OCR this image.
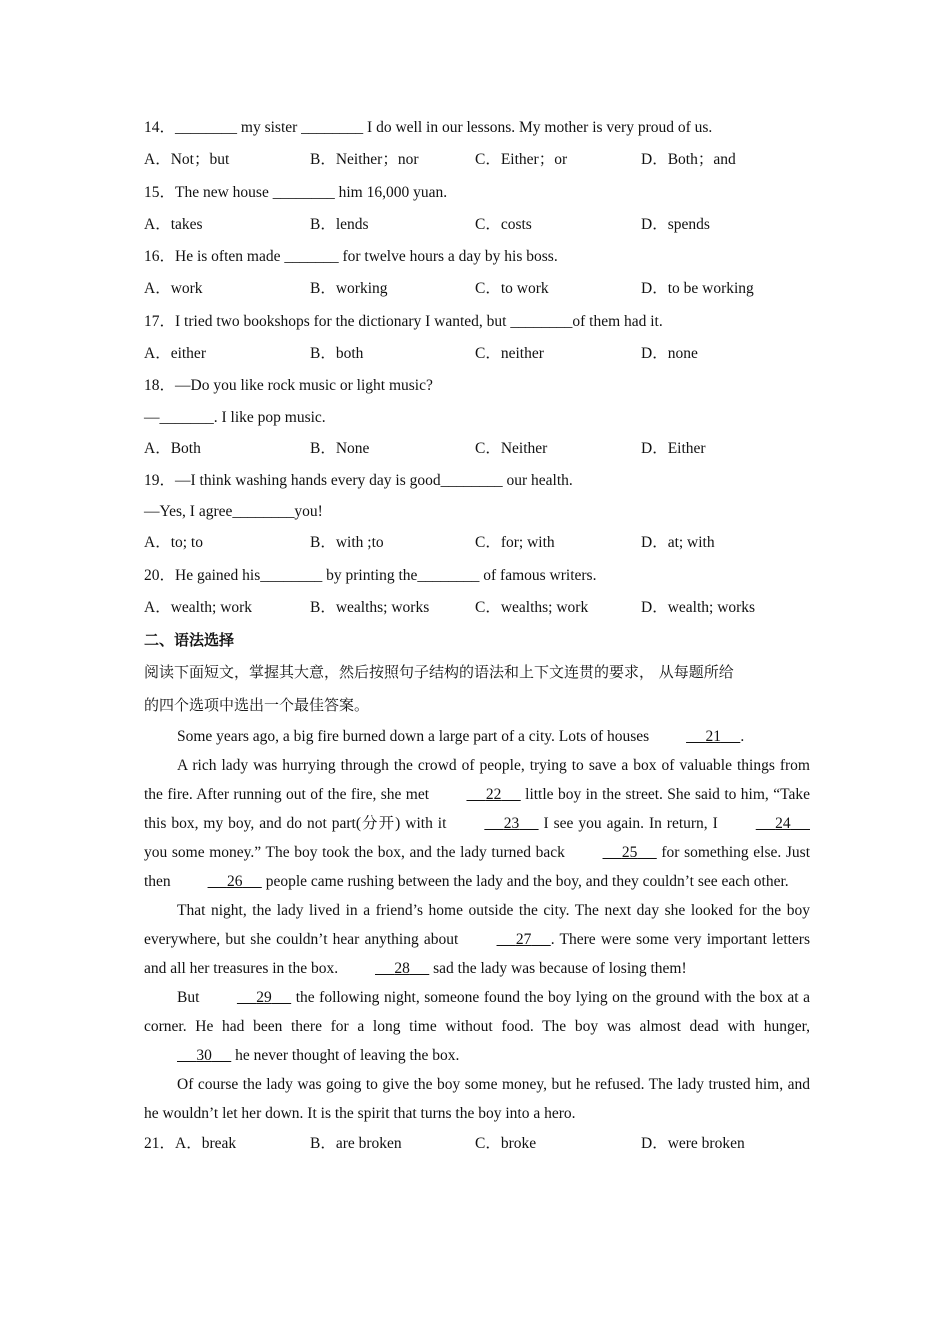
14．________ my sister ________ I do well in our lessons. My mother is very proud of us.
A．Not；but	B．Neither；nor	C．Either；or	D．Both；and
15．The new house ________ him 16,000 yuan.
A．takes	B．lends	C．costs	D．spends
16．He is often made _______ for twelve hours a day by his boss.
A．work	B．working	C．to work	D．to be working
17．I tried two bookshops for the dictionary I wanted, but ________of them had it.
A．either	B．both	C．neither	D．none
18．—Do you like rock music or light music?
—_______. I like pop music.
A．Both	B．None	C．Neither	D．Either
19．—I think washing hands every day is good________ our health.
—Yes, I agree________you!
A．to; to	B．with ;to	C．for; with	D．at; with
20．He gained his________ by printing the________ of famous writers.
A．wealth; work	B．wealths; works	C．wealths; work	D．wealth; works
二、语法选择
阅读下面短文，掌握其大意，然后按照句子结构的语法和上下文连贯的要求， 从每题所给
的四个选项中选出一个最佳答案。

Some years ago, a big fire burned down a large part of a city. Lots of houses	21 .

A rich lady was hurrying through the crowd of people, trying to save a box of valuable things from the fire. After running out of the fire, she met	22      little boy in the street. She said to him, “Take this box, my boy, and do not part(分开) with it	23      I see you again. In return, I	24      you some money.” The boy took the box, and the lady turned back	25      for something else. Just then	26      people came rushing between the lady and the boy, and they couldn’t see each other.

That night, the lady lived in a friend’s home outside the city. The next day she looked for the boy everywhere, but she couldn’t hear anything about	27 . There were some very important letters and all her treasures in the box.	28      sad the lady was because of losing them!

But	29      the following night, someone found the boy lying on the ground with the box at a corner. He had been there for a long time without food. The boy was almost dead with hunger,      30      he never thought of leaving the box.

Of course the lady was going to give the boy some money, but he refused. The lady trusted him, and he wouldn’t let her down. It is the spirit that turns the boy into a hero.

21．A．break	B．are broken	C．broke	D．were broken
